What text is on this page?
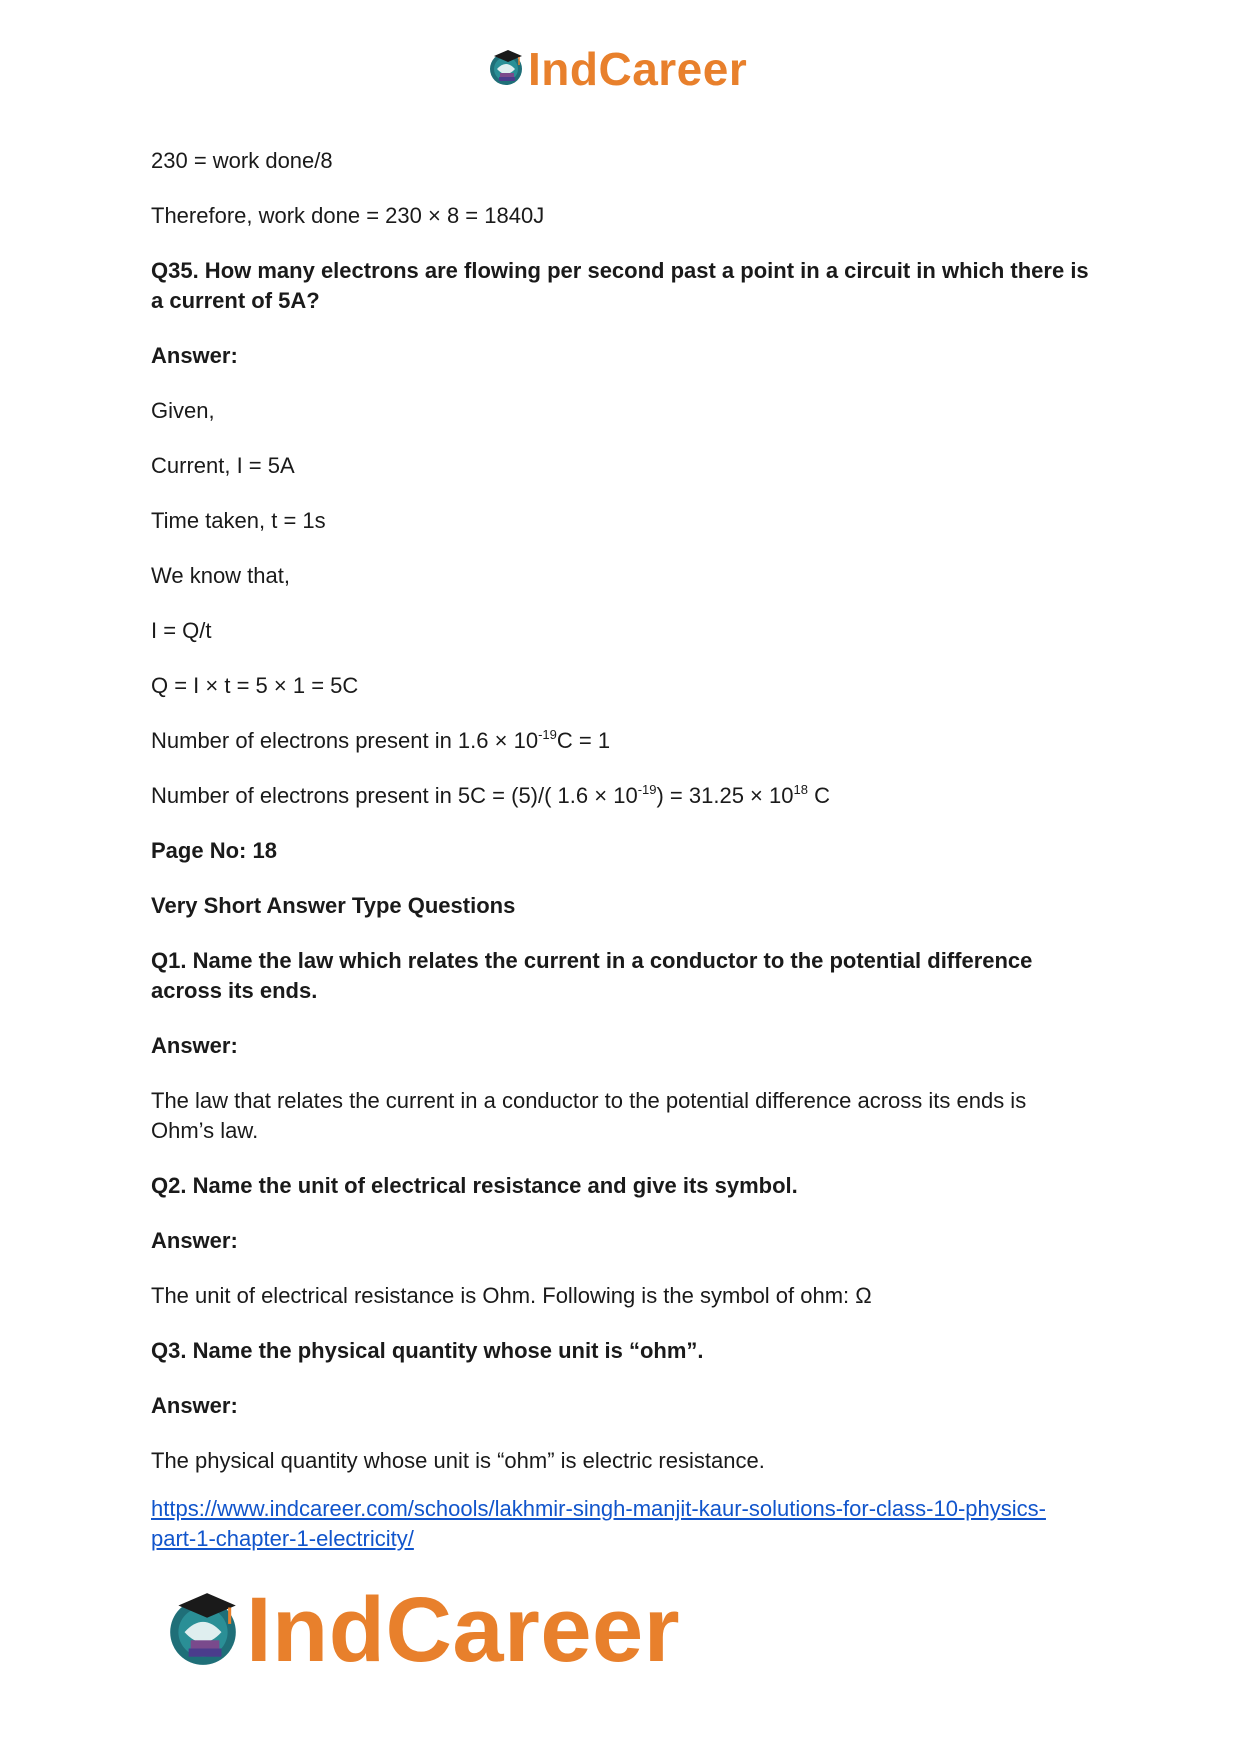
IndCareer

230 = work done/8

Therefore, work done = 230 × 8 = 1840J

Q35. How many electrons are flowing per second past a point in a circuit in which there is a current of 5A?

Answer:

Given,

Current, I = 5A

Time taken, t = 1s

We know that,

I = Q/t

Q = I × t = 5 × 1 = 5C

Number of electrons present in $1.6 \times 10^{-19}C = 1$

Number of electrons present in 5C = (5)/( $1.6 \times 10^{-19}) = 31.25 \times 10^{18}$ C

Page No: 18

Very Short Answer Type Questions

Q1. Name the law which relates the current in a conductor to the potential difference across its ends.

Answer:

The law that relates the current in a conductor to the potential difference across its ends is Ohm’s law.

Q2. Name the unit of electrical resistance and give its symbol.

Answer:

The unit of electrical resistance is Ohm. Following is the symbol of ohm: Ω

Q3. Name the physical quantity whose unit is “ohm”.

Answer:

The physical quantity whose unit is “ohm” is electric resistance.

https://www.indcareer.com/schools/lakhmir-singh-manjit-kaur-solutions-for-class-10-physics-part-1-chapter-1-electricity/
IndCareer
